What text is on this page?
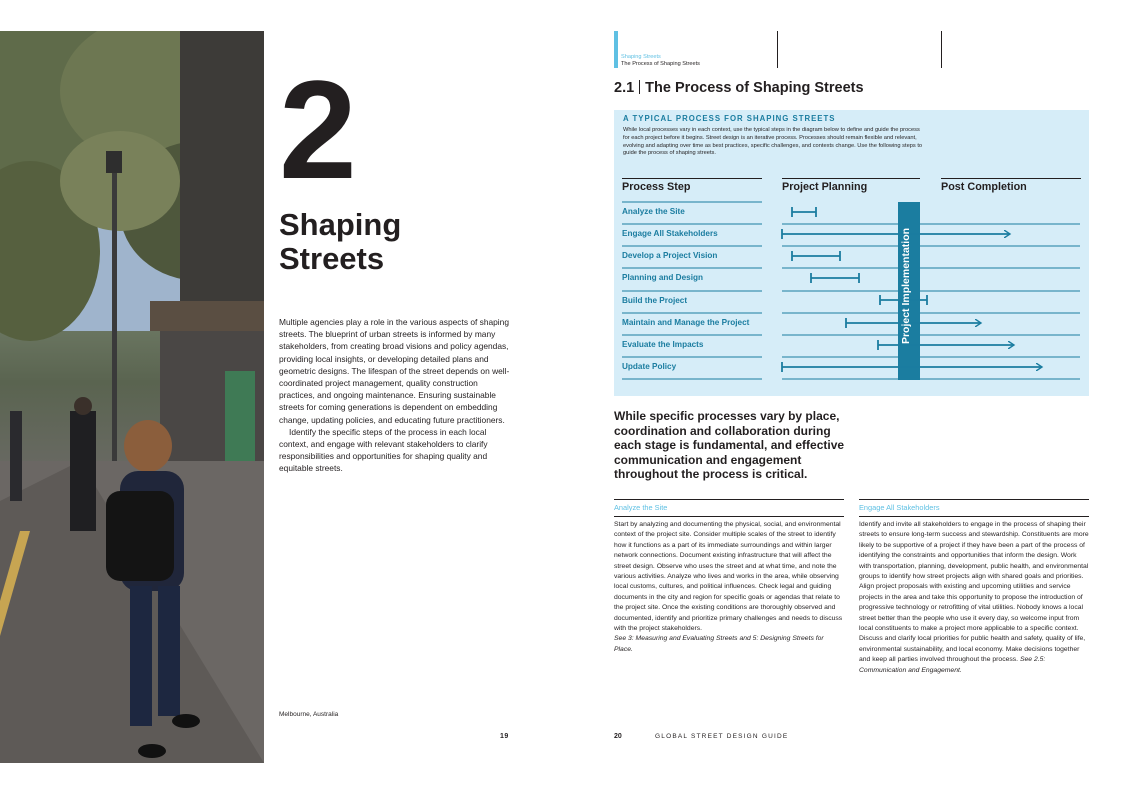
2
Shaping
Streets

Multiple agencies play a role in the various aspects of shaping streets. The blueprint of urban streets is informed by many stakeholders, from creating broad visions and policy agendas, providing local insights, or developing detailed plans and geometric designs. The lifespan of the street depends on well-coordinated project management, quality construction practices, and ongoing maintenance. Ensuring sustainable streets for coming generations is dependent on embedding change, updating policies, and educating future practitioners.

Identify the specific steps of the process in each local context, and engage with relevant stakeholders to clarify responsibilities and opportunities for shaping quality and equitable streets.

Melbourne, Australia
19
Shaping Streets
The Process of Shaping Streets
2.1 The Process of Shaping Streets
A TYPICAL PROCESS FOR SHAPING STREETS
While local processes vary in each context, use the typical steps in the diagram below to define and guide the process for each project before it begins. Street design is an iterative process. Processes should remain flexible and relevant, evolving and adapting over time as best practices, specific challenges, and contexts change. Use the following steps to guide the process of shaping streets.
Process Step	Project Planning	Post Completion
Analyze the Site
Engage All Stakeholders
Develop a Project Vision
Planning and Design
Build the Project
Maintain and Manage the Project
Evaluate the Impacts
Update Policy
Project Implementation
While specific processes vary by place, coordination and collaboration during each stage is fundamental, and effective communication and engagement throughout the process is critical.
Analyze the Site
Start by analyzing and documenting the physical, social, and environmental context of the project site. Consider multiple scales of the street to identify how it functions as a part of its immediate surroundings and within larger network connections. Document existing infrastructure that will affect the street design. Observe who uses the street and at what time, and note the various activities. Analyze who lives and works in the area, while observing local customs, cultures, and political influences. Check legal and guiding documents in the city and region for specific goals or agendas that relate to the project site. Once the existing conditions are thoroughly observed and documented, identify and prioritize primary challenges and needs to discuss with the project stakeholders.
See 3: Measuring and Evaluating Streets and 5: Designing Streets for Place.
Engage All Stakeholders
Identify and invite all stakeholders to engage in the process of shaping their streets to ensure long-term success and stewardship. Constituents are more likely to be supportive of a project if they have been a part of the process of identifying the constraints and opportunities that inform the design. Work with transportation, planning, development, public health, and environmental groups to identify how street projects align with shared goals and priorities. Align project proposals with existing and upcoming utilities and service projects in the area and take this opportunity to propose the introduction of progressive technology or retrofitting of vital utilities. Nobody knows a local street better than the people who use it every day, so welcome input from local constituents to make a project more applicable to a specific context. Discuss and clarify local priorities for public health and safety, quality of life, environmental sustainability, and local economy. Make decisions together and keep all parties involved throughout the process. See 2.5: Communication and Engagement.
20	GLOBAL STREET DESIGN GUIDE
